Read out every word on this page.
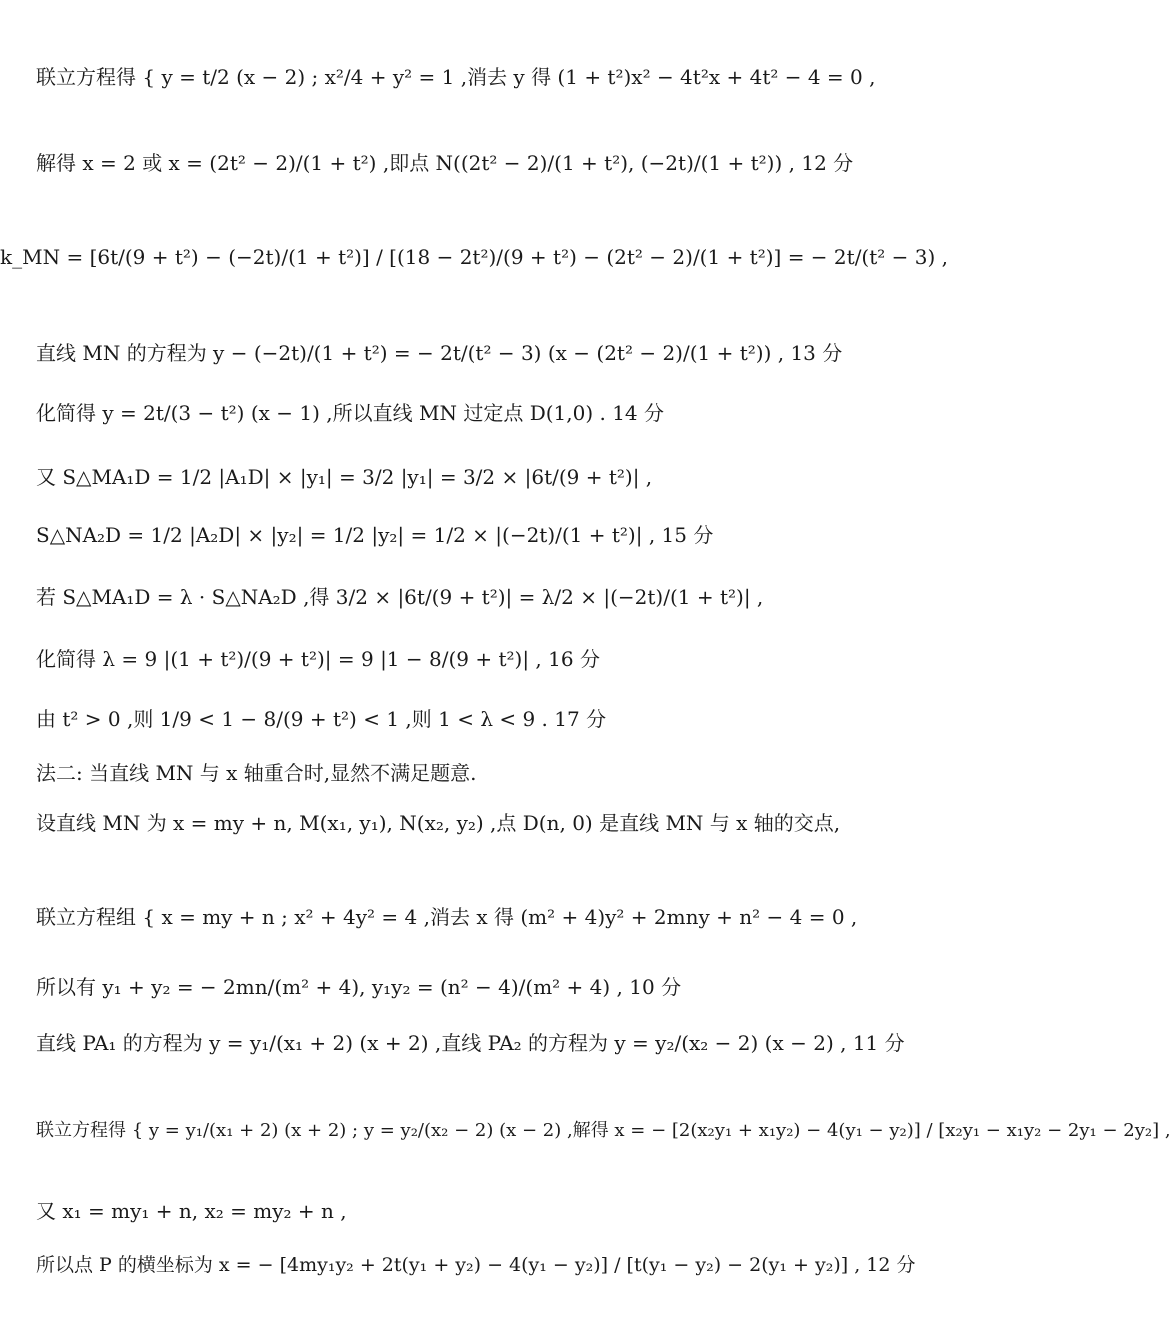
联立方程得 { y = t/2 (x − 2) ; x²/4 + y² = 1 ,消去 y 得 (1 + t²)x² − 4t²x + 4t² − 4 = 0 ,
解得 x = 2 或 x = (2t² − 2)/(1 + t²) ,即点 N((2t² − 2)/(1 + t²), (−2t)/(1 + t²)) , 12 分
k_MN = [6t/(9 + t²) − (−2t)/(1 + t²)] / [(18 − 2t²)/(9 + t²) − (2t² − 2)/(1 + t²)] = − 2t/(t² − 3) ,
直线 MN 的方程为 y − (−2t)/(1 + t²) = − 2t/(t² − 3) (x − (2t² − 2)/(1 + t²)) , 13 分
化简得 y = 2t/(3 − t²) (x − 1) ,所以直线 MN 过定点 D(1,0) . 14 分
又 S△MA₁D = 1/2 |A₁D| × |y₁| = 3/2 |y₁| = 3/2 × |6t/(9 + t²)| ,
S△NA₂D = 1/2 |A₂D| × |y₂| = 1/2 |y₂| = 1/2 × |(−2t)/(1 + t²)| , 15 分
若 S△MA₁D = λ · S△NA₂D ,得 3/2 × |6t/(9 + t²)| = λ/2 × |(−2t)/(1 + t²)| ,
化简得 λ = 9 |(1 + t²)/(9 + t²)| = 9 |1 − 8/(9 + t²)| , 16 分
由 t² > 0 ,则 1/9 < 1 − 8/(9 + t²) < 1 ,则 1 < λ < 9 . 17 分
法二: 当直线 MN 与 x 轴重合时,显然不满足题意.
设直线 MN 为 x = my + n, M(x₁, y₁), N(x₂, y₂) ,点 D(n, 0) 是直线 MN 与 x 轴的交点,
联立方程组 { x = my + n ; x² + 4y² = 4 ,消去 x 得 (m² + 4)y² + 2mny + n² − 4 = 0 ,
所以有 y₁ + y₂ = − 2mn/(m² + 4), y₁y₂ = (n² − 4)/(m² + 4) , 10 分
直线 PA₁ 的方程为 y = y₁/(x₁ + 2) (x + 2) ,直线 PA₂ 的方程为 y = y₂/(x₂ − 2) (x − 2) , 11 分
联立方程得 { y = y₁/(x₁ + 2) (x + 2) ; y = y₂/(x₂ − 2) (x − 2) ,解得 x = − [2(x₂y₁ + x₁y₂) − 4(y₁ − y₂)] / [x₂y₁ − x₁y₂ − 2y₁ − 2y₂] ,
又 x₁ = my₁ + n, x₂ = my₂ + n ,
所以点 P 的横坐标为 x = − [4my₁y₂ + 2t(y₁ + y₂) − 4(y₁ − y₂)] / [t(y₁ − y₂) − 2(y₁ + y₂)] , 12 分
